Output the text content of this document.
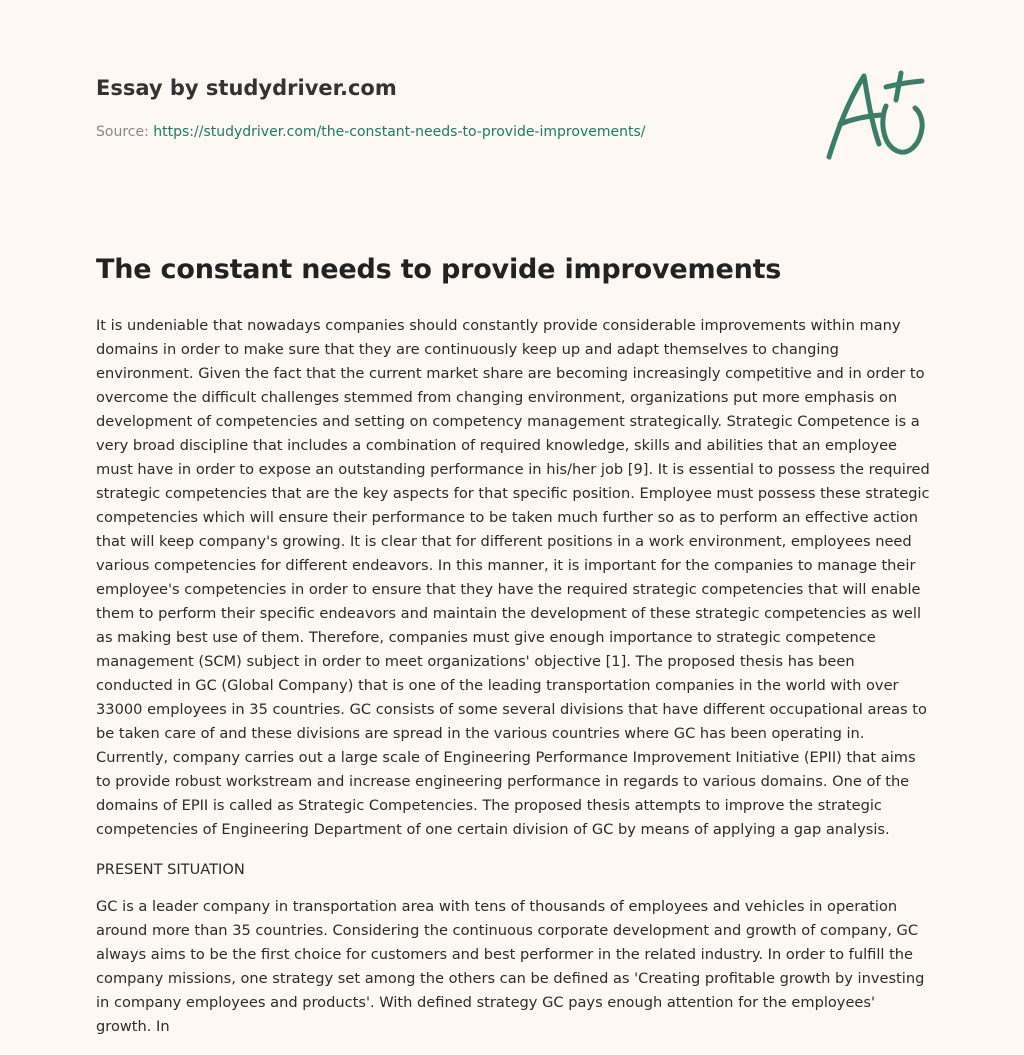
Essay by studydriver.com
Source: https://studydriver.com/the-constant-needs-to-provide-improvements/
The constant needs to provide improvements

It is undeniable that nowadays companies should constantly provide considerable improvements within many domains in order to make sure that they are continuously keep up and adapt themselves to changing environment. Given the fact that the current market share are becoming increasingly competitive and in order to overcome the difficult challenges stemmed from changing environment, organizations put more emphasis on development of competencies and setting on competency management strategically. Strategic Competence is a very broad discipline that includes a combination of required knowledge, skills and abilities that an employee must have in order to expose an outstanding performance in his/her job [9]. It is essential to possess the required strategic competencies that are the key aspects for that specific position. Employee must possess these strategic competencies which will ensure their performance to be taken much further so as to perform an effective action that will keep company's growing. It is clear that for different positions in a work environment, employees need various competencies for different endeavors. In this manner, it is important for the companies to manage their employee's competencies in order to ensure that they have the required strategic competencies that will enable them to perform their specific endeavors and maintain the development of these strategic competencies as well as making best use of them. Therefore, companies must give enough importance to strategic competence management (SCM) subject in order to meet organizations' objective [1]. The proposed thesis has been conducted in GC (Global Company) that is one of the leading transportation companies in the world with over 33000 employees in 35 countries. GC consists of some several divisions that have different occupational areas to be taken care of and these divisions are spread in the various countries where GC has been operating in. Currently, company carries out a large scale of Engineering Performance Improvement Initiative (EPII) that aims to provide robust workstream and increase engineering performance in regards to various domains. One of the domains of EPII is called as Strategic Competencies. The proposed thesis attempts to improve the strategic competencies of Engineering Department of one certain division of GC by means of applying a gap analysis.

PRESENT SITUATION

GC is a leader company in transportation area with tens of thousands of employees and vehicles in operation around more than 35 countries. Considering the continuous corporate development and growth of company, GC always aims to be the first choice for customers and best performer in the related industry. In order to fulfill the company missions, one strategy set among the others can be defined as 'Creating profitable growth by investing in company employees and products'. With defined strategy GC pays enough attention for the employees' growth. In
